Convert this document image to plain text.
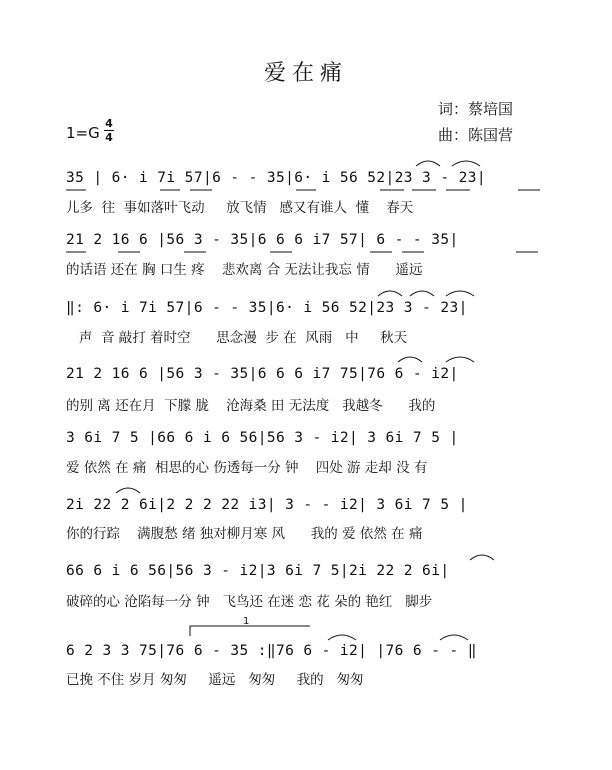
爱在痛
词：蔡培国
曲：陈国营
1=G
4
4
35 | 6· i 7i 57|6 - - 35|6· i 56 52|23 3 - 23|
儿多  往  事如落叶飞动     放飞情   感又有谁人  懂    春天
21 2 16 6 |56 3 - 35|6 6 6 i7 57| 6 - - 35|
的话语 还在 胸 口生 疼    悲欢离 合 无法让我忘 情      遥远
‖: 6· i 7i 57|6 - - 35|6· i 56 52|23 3 - 23|
声  音 敲打 着时空      思念漫  步 在  风雨   中     秋天
21 2 16 6 |56 3 - 35|6 6 6 i7 75|76 6 - i2|
的别 离 还在月  下朦 胧    沧海桑 田 无法度   我越冬      我的
3 6i 7 5 |66 6 i 6 56|56 3 - i2| 3 6i 7 5 |
爱 依然 在 痛  相思的心 伤透每一分 钟    四处 游 走却 没 有
2i 22 2 6i|2 2 2 22 i3| 3 - - i2| 3 6i 7 5 |
你的行踪    满腹愁 绪 独对柳月寒 风      我的 爱 依然 在 痛
66 6 i 6 56|56 3 - i2|3 6i 7 5|2i 22 2 6i|
破碎的心 沧陷每一分 钟   飞鸟还 在迷 恋 花 朵的 艳红   脚步
6 2 3 3 75|76 6 - 35 :‖76 6 - i2| |76 6 - - ‖
已挽 不住 岁月 匆匆     遥远   匆匆     我的   匆匆
1
